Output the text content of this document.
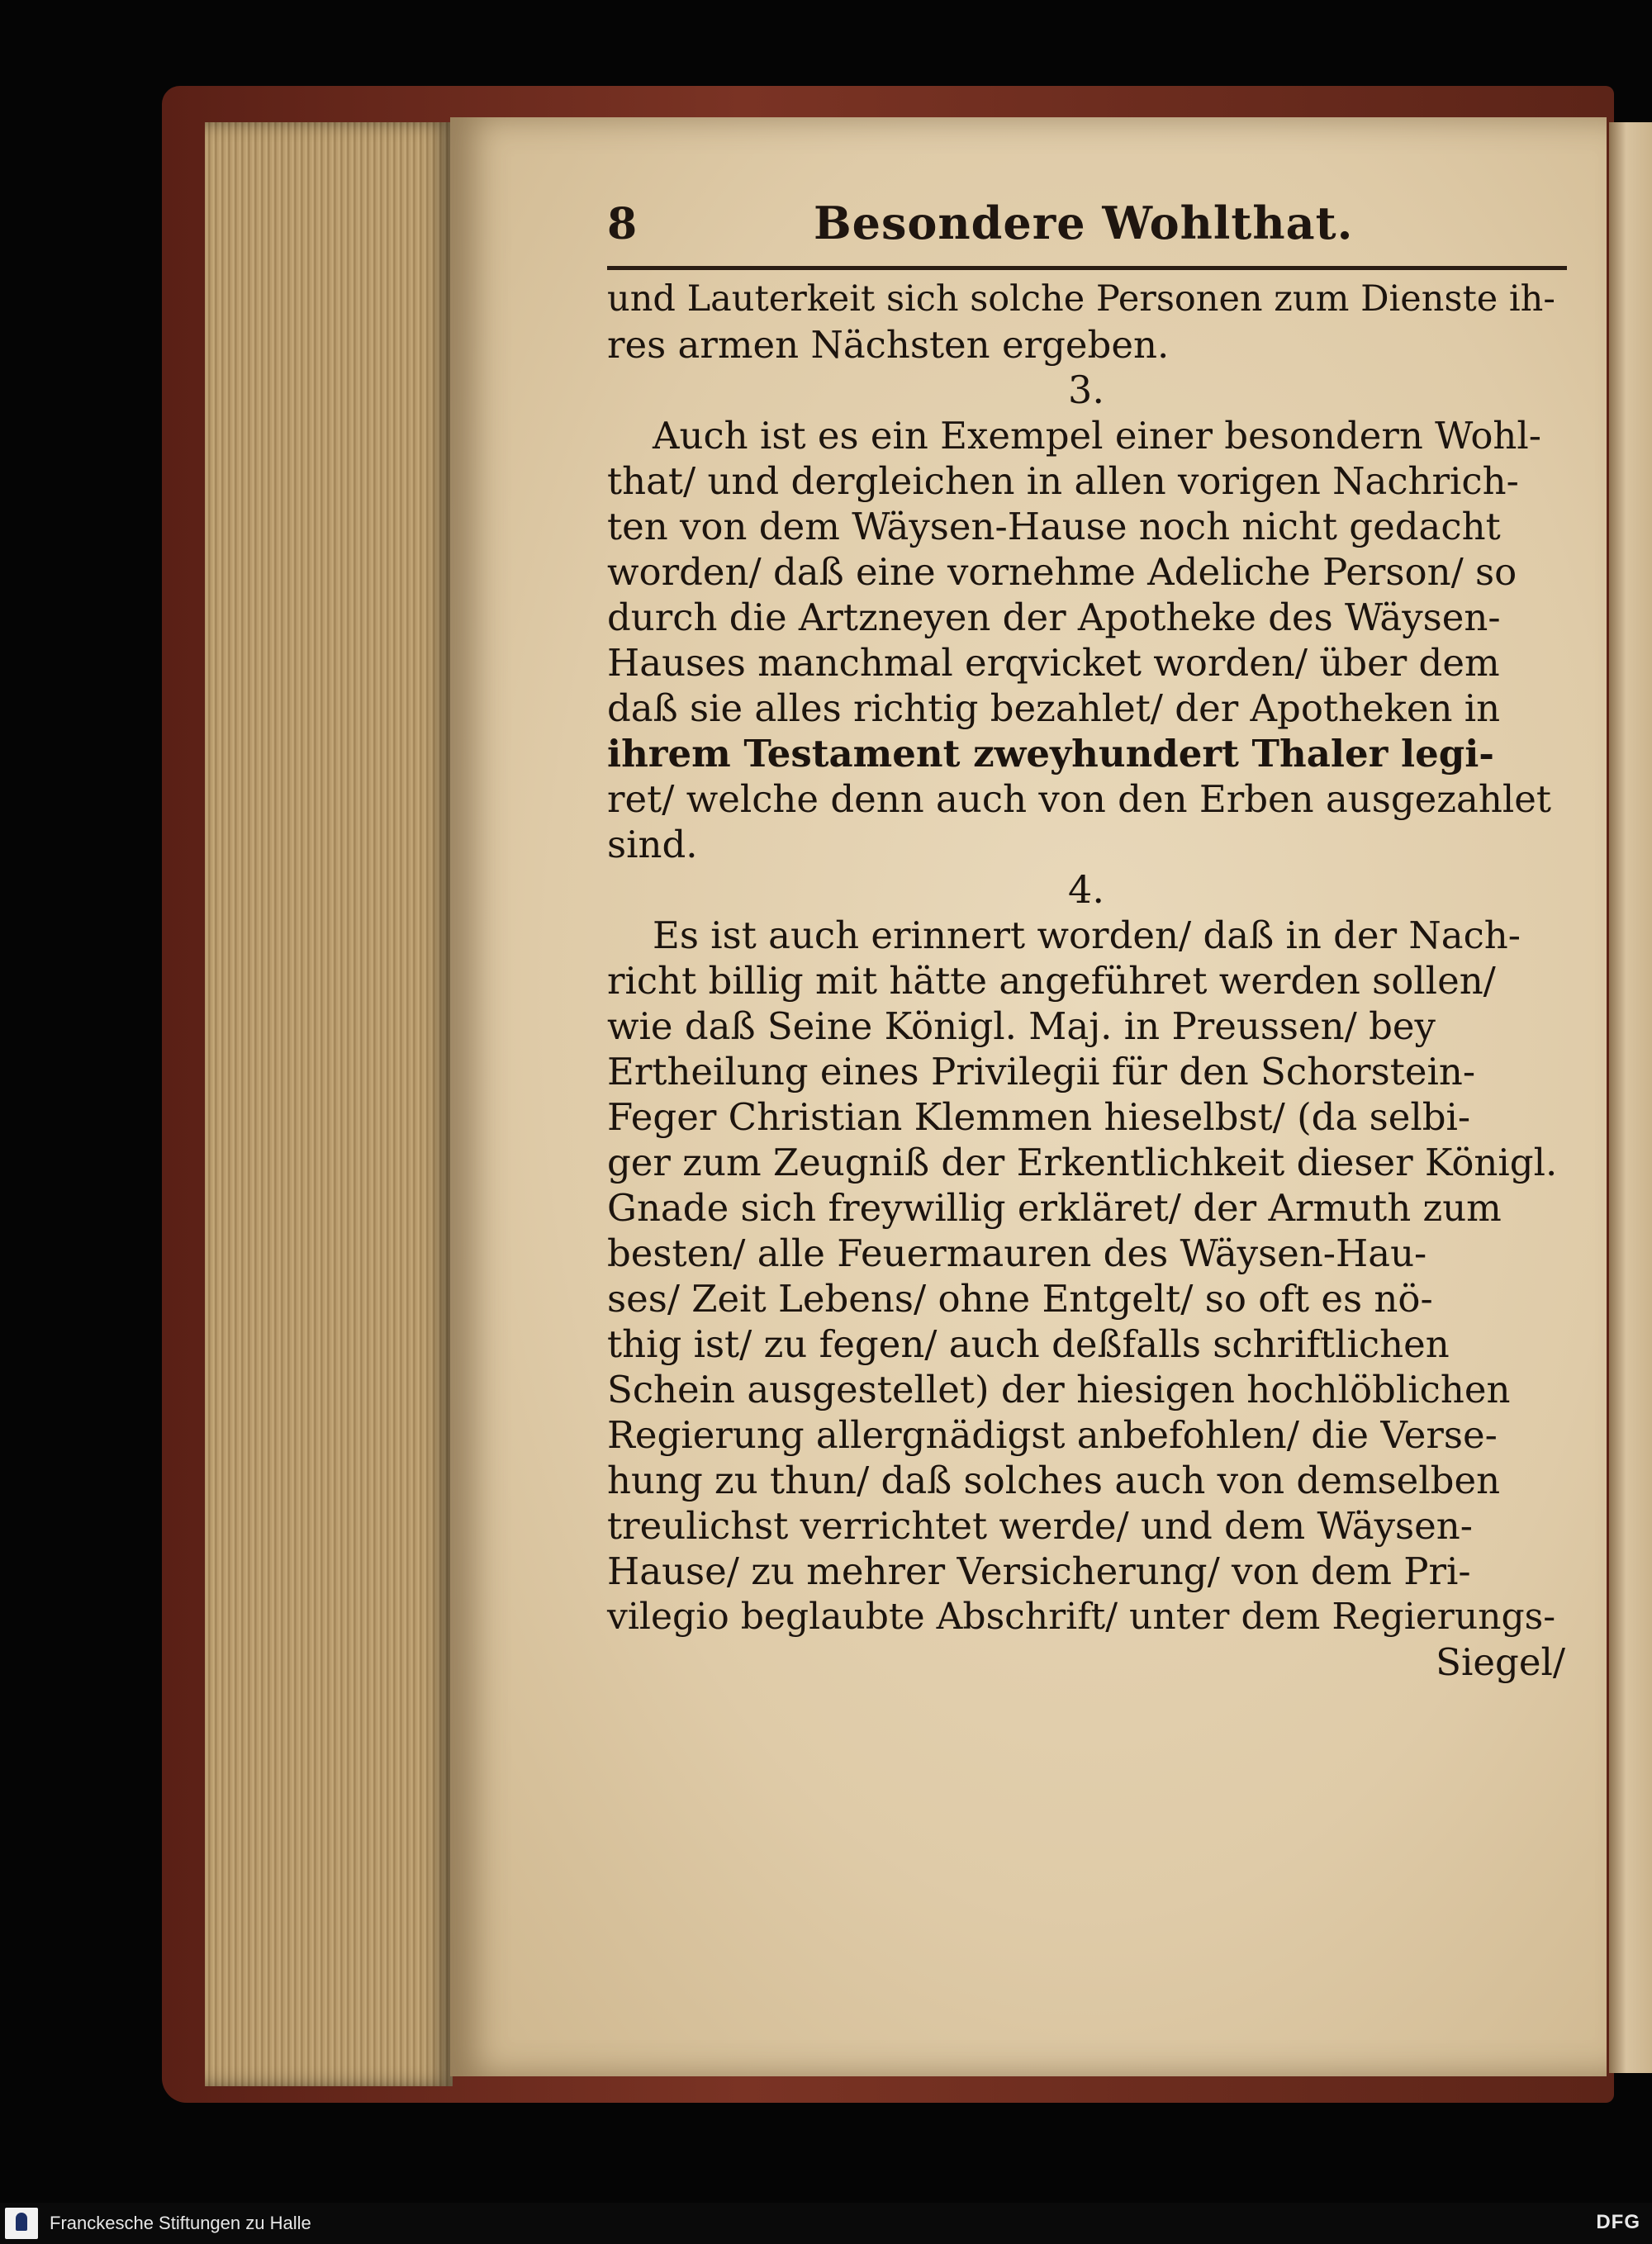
8	Besondere Wohlthat.
und Lauterkeit sich solche Personen zum Dienste ih-
res armen Nächsten ergeben.
3.
Auch ist es ein Exempel einer besondern Wohl-
that/ und dergleichen in allen vorigen Nachrich-
ten von dem Wäysen-Hause noch nicht gedacht
worden/ daß eine vornehme Adeliche Person/ so
durch die Artzneyen der Apotheke des Wäysen-
Hauses manchmal erqvicket worden/ über dem
daß sie alles richtig bezahlet/ der Apotheken in
ihrem Testament zweyhundert Thaler legi-
ret/ welche denn auch von den Erben ausgezahlet
sind.
4.
Es ist auch erinnert worden/ daß in der Nach-
richt billig mit hätte angeführet werden sollen/
wie daß Seine Königl. Maj. in Preussen/ bey
Ertheilung eines Privilegii für den Schorstein-
Feger Christian Klemmen hieselbst/ (da selbi-
ger zum Zeugniß der Erkentlichkeit dieser Königl.
Gnade sich freywillig erkläret/ der Armuth zum
besten/ alle Feuermauren des Wäysen-Hau-
ses/ Zeit Lebens/ ohne Entgelt/ so oft es nö-
thig ist/ zu fegen/ auch deßfalls schriftlichen
Schein ausgestellet) der hiesigen hochlöblichen
Regierung allergnädigst anbefohlen/ die Verse-
hung zu thun/ daß solches auch von demselben
treulichst verrichtet werde/ und dem Wäysen-
Hause/ zu mehrer Versicherung/ von dem Pri-
vilegio beglaubte Abschrift/ unter dem Regierungs-
Siegel/
Franckesche Stiftungen zu Halle	DFG
